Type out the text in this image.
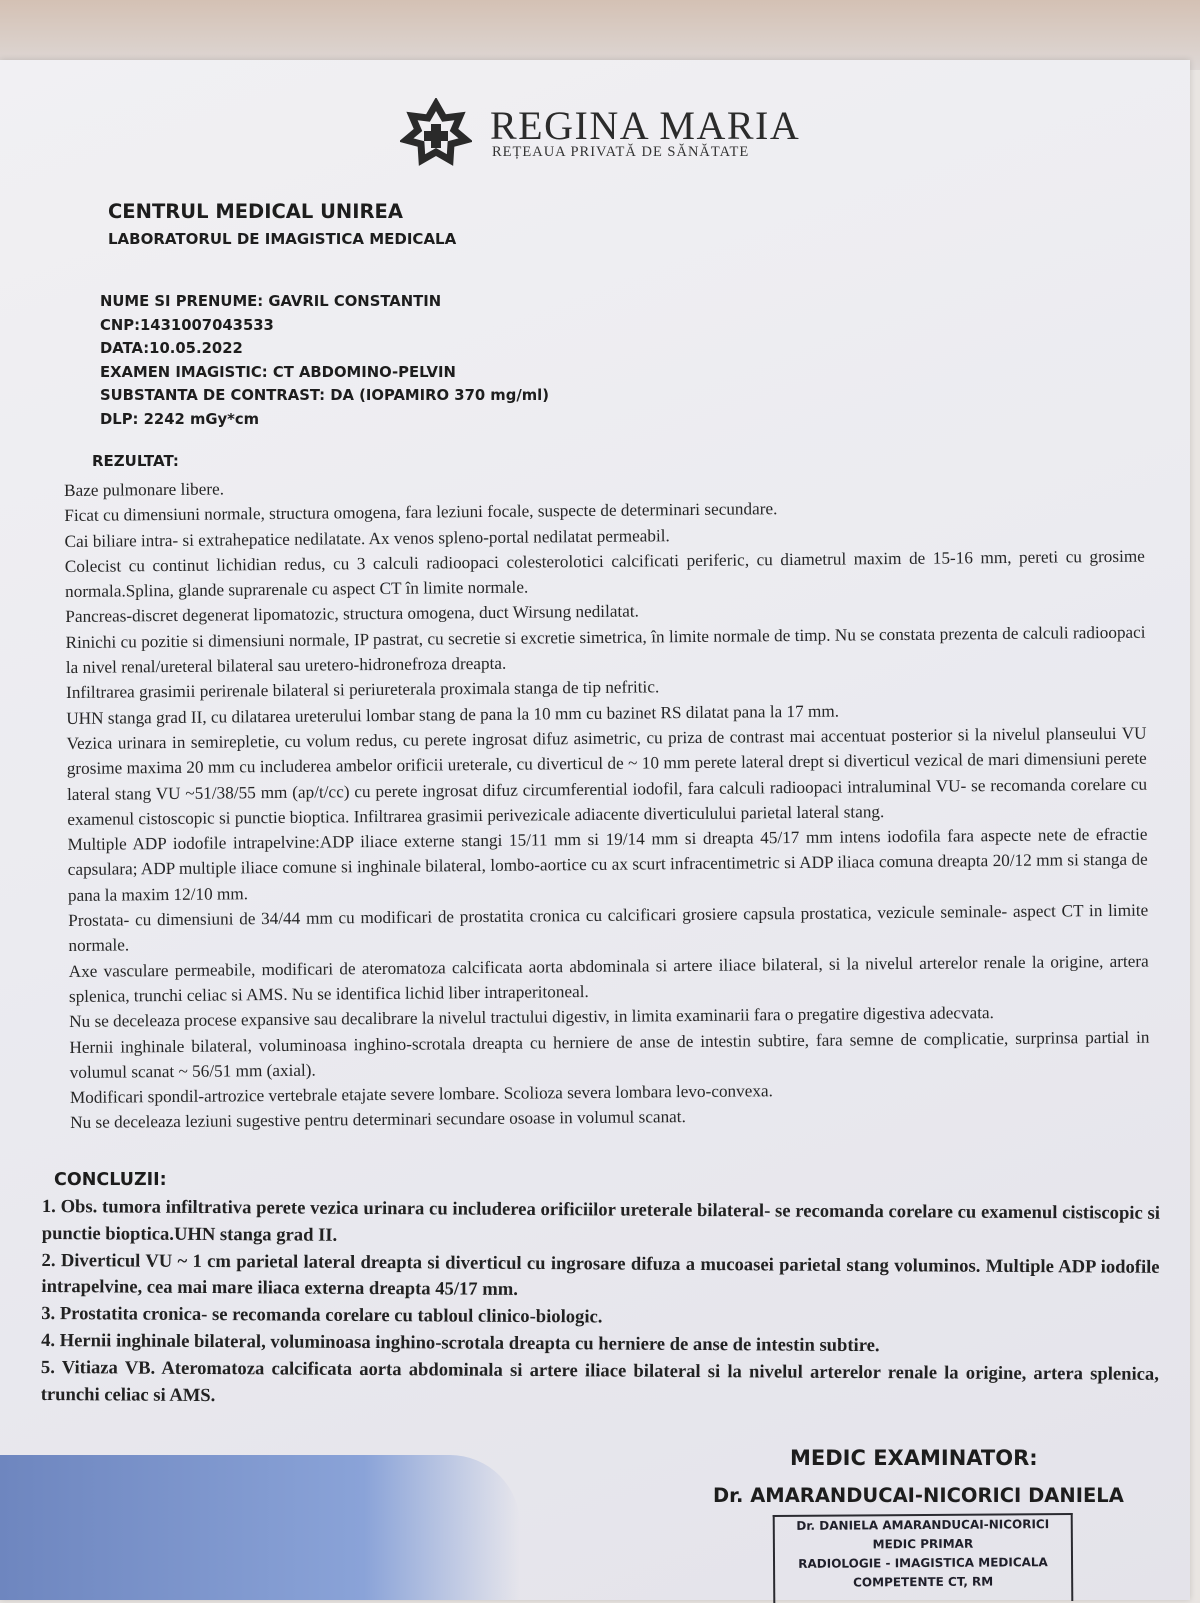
REGINA MARIA
REȚEAUA PRIVATĂ DE SĂNĂTATE
CENTRUL MEDICAL UNIREA
LABORATORUL DE IMAGISTICA MEDICALA
NUME SI PRENUME: GAVRIL CONSTANTIN
CNP:1431007043533
DATA:10.05.2022
EXAMEN IMAGISTIC: CT ABDOMINO-PELVIN
SUBSTANTA DE CONTRAST: DA (IOPAMIRO 370 mg/ml)
DLP: 2242 mGy*cm
REZULTAT:

Baze pulmonare libere.

Ficat cu dimensiuni normale, structura omogena, fara leziuni focale, suspecte de determinari secundare.

Cai biliare intra- si extrahepatice nedilatate. Ax venos spleno-portal nedilatat permeabil.

Colecist cu continut lichidian redus, cu 3 calculi radioopaci colesterolotici calcificati periferic, cu diametrul maxim de 15-16 mm, pereti cu grosime normala.Splina, glande suprarenale cu aspect CT în limite normale.

Pancreas-discret degenerat lipomatozic, structura omogena, duct Wirsung nedilatat.

Rinichi cu pozitie si dimensiuni normale, IP pastrat, cu secretie si excretie simetrica, în limite normale de timp. Nu se constata prezenta de calculi radioopaci la nivel renal/ureteral bilateral sau uretero-hidronefroza dreapta.

Infiltrarea grasimii perirenale bilateral si periureterala proximala stanga de tip nefritic.

UHN stanga grad II, cu dilatarea ureterului lombar stang de pana la 10 mm cu bazinet RS dilatat pana la 17 mm.

Vezica urinara in semirepletie, cu volum redus, cu perete ingrosat difuz asimetric, cu priza de contrast mai accentuat posterior si la nivelul planseului VU grosime maxima 20 mm cu includerea ambelor orificii ureterale, cu diverticul de ~ 10 mm perete lateral drept si diverticul vezical de mari dimensiuni perete lateral stang VU ~51/38/55 mm (ap/t/cc) cu perete ingrosat difuz circumferential iodofil, fara calculi radioopaci intraluminal VU- se recomanda corelare cu examenul cistoscopic si punctie bioptica. Infiltrarea grasimii perivezicale adiacente diverticulului parietal lateral stang.

Multiple ADP iodofile intrapelvine:ADP iliace externe stangi 15/11 mm si 19/14 mm si dreapta 45/17 mm intens iodofila fara aspecte nete de efractie capsulara; ADP multiple iliace comune si inghinale bilateral, lombo-aortice cu ax scurt infracentimetric si ADP iliaca comuna dreapta 20/12 mm si stanga de pana la maxim 12/10 mm.

Prostata- cu dimensiuni de 34/44 mm cu modificari de prostatita cronica cu calcificari grosiere capsula prostatica, vezicule seminale- aspect CT in limite normale.

Axe vasculare permeabile, modificari de ateromatoza calcificata aorta abdominala si artere iliace bilateral, si la nivelul arterelor renale la origine, artera splenica, trunchi celiac si AMS. Nu se identifica lichid liber intraperitoneal.

Nu se deceleaza procese expansive sau decalibrare la nivelul tractului digestiv, in limita examinarii fara o pregatire digestiva adecvata.

Hernii inghinale bilateral, voluminoasa inghino-scrotala dreapta cu herniere de anse de intestin subtire, fara semne de complicatie, surprinsa partial in volumul scanat ~ 56/51 mm (axial).

Modificari spondil-artrozice vertebrale etajate severe lombare. Scolioza severa lombara levo-convexa.

Nu se deceleaza leziuni sugestive pentru determinari secundare osoase in volumul scanat.

CONCLUZII:

1. Obs. tumora infiltrativa perete vezica urinara cu includerea orificiilor ureterale bilateral- se recomanda corelare cu examenul cistiscopic si punctie bioptica.UHN stanga grad II.

2. Diverticul VU ~ 1 cm parietal lateral dreapta si diverticul cu ingrosare difuza a mucoasei parietal stang voluminos. Multiple ADP iodofile intrapelvine, cea mai mare iliaca externa dreapta 45/17 mm.

3. Prostatita cronica- se recomanda corelare cu tabloul clinico-biologic.

4. Hernii inghinale bilateral, voluminoasa inghino-scrotala dreapta cu herniere de anse de intestin subtire.

5. Vitiaza VB. Ateromatoza calcificata aorta abdominala si artere iliace bilateral si la nivelul arterelor renale la origine, artera splenica, trunchi celiac si AMS.

MEDIC EXAMINATOR:
Dr. AMARANDUCAI-NICORICI DANIELA
Dr. DANIELA AMARANDUCAI-NICORICI
MEDIC PRIMAR
RADIOLOGIE - IMAGISTICA MEDICALA
COMPETENTE CT, RM
